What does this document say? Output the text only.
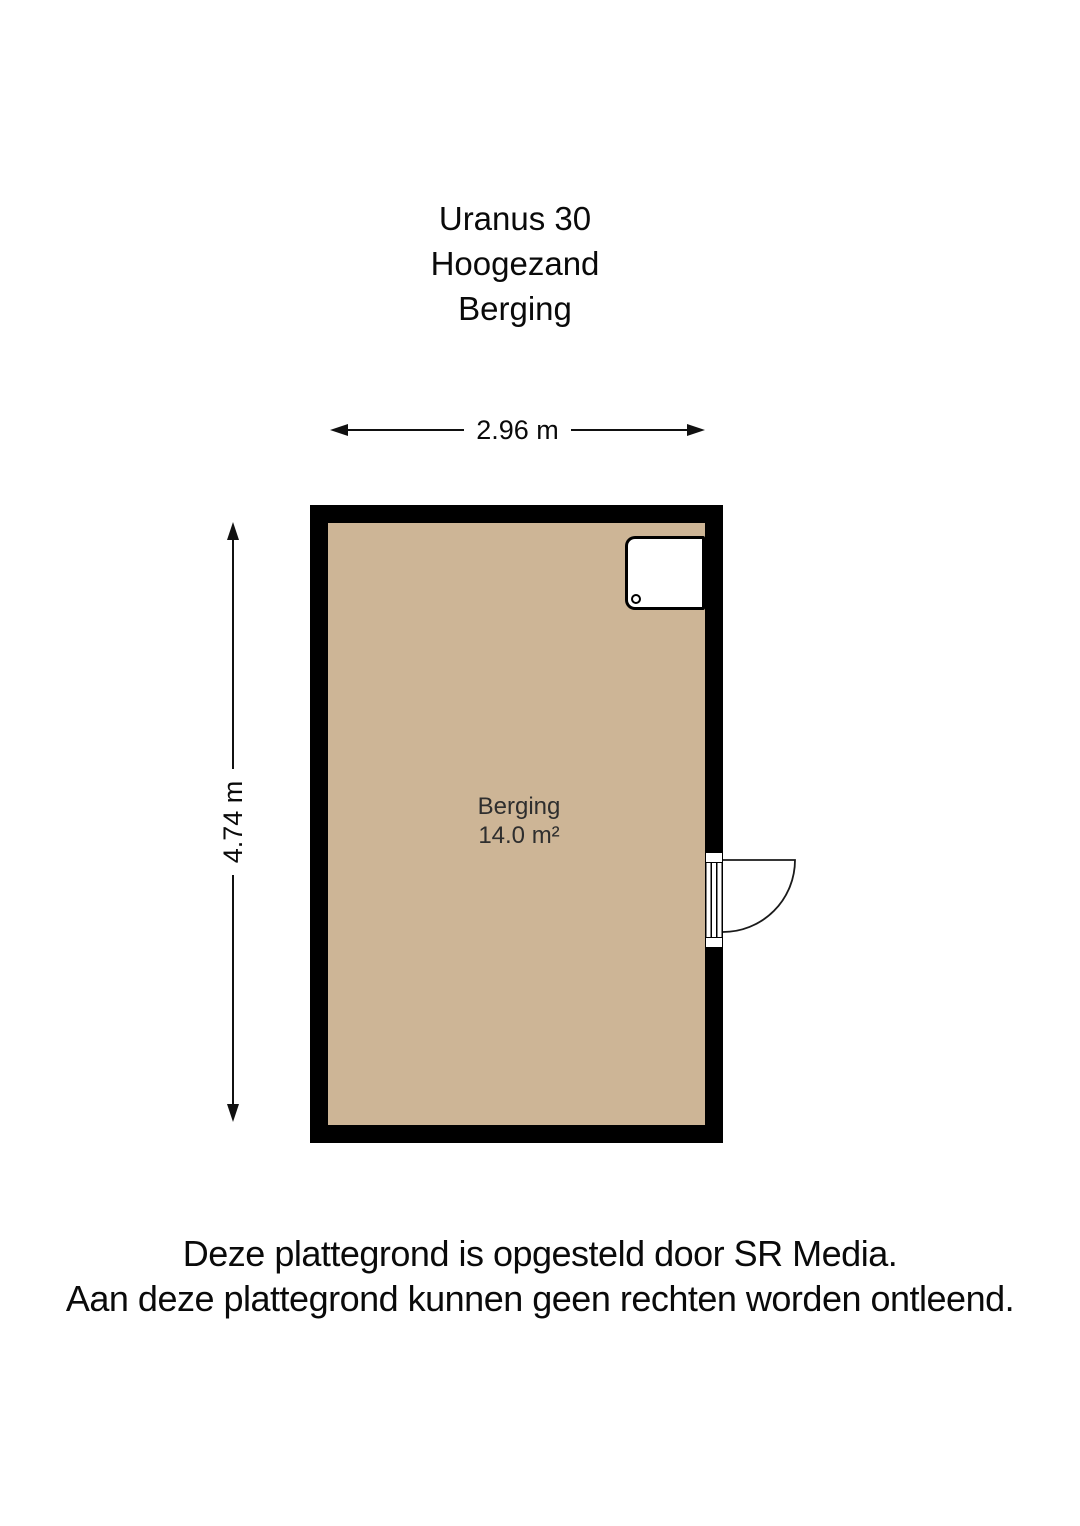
Uranus 30
Hoogezand
Berging
2.96 m
4.74 m	Berging
14.0 m²
Deze plattegrond is opgesteld door SR Media.
Aan deze plattegrond kunnen geen rechten worden ontleend.
